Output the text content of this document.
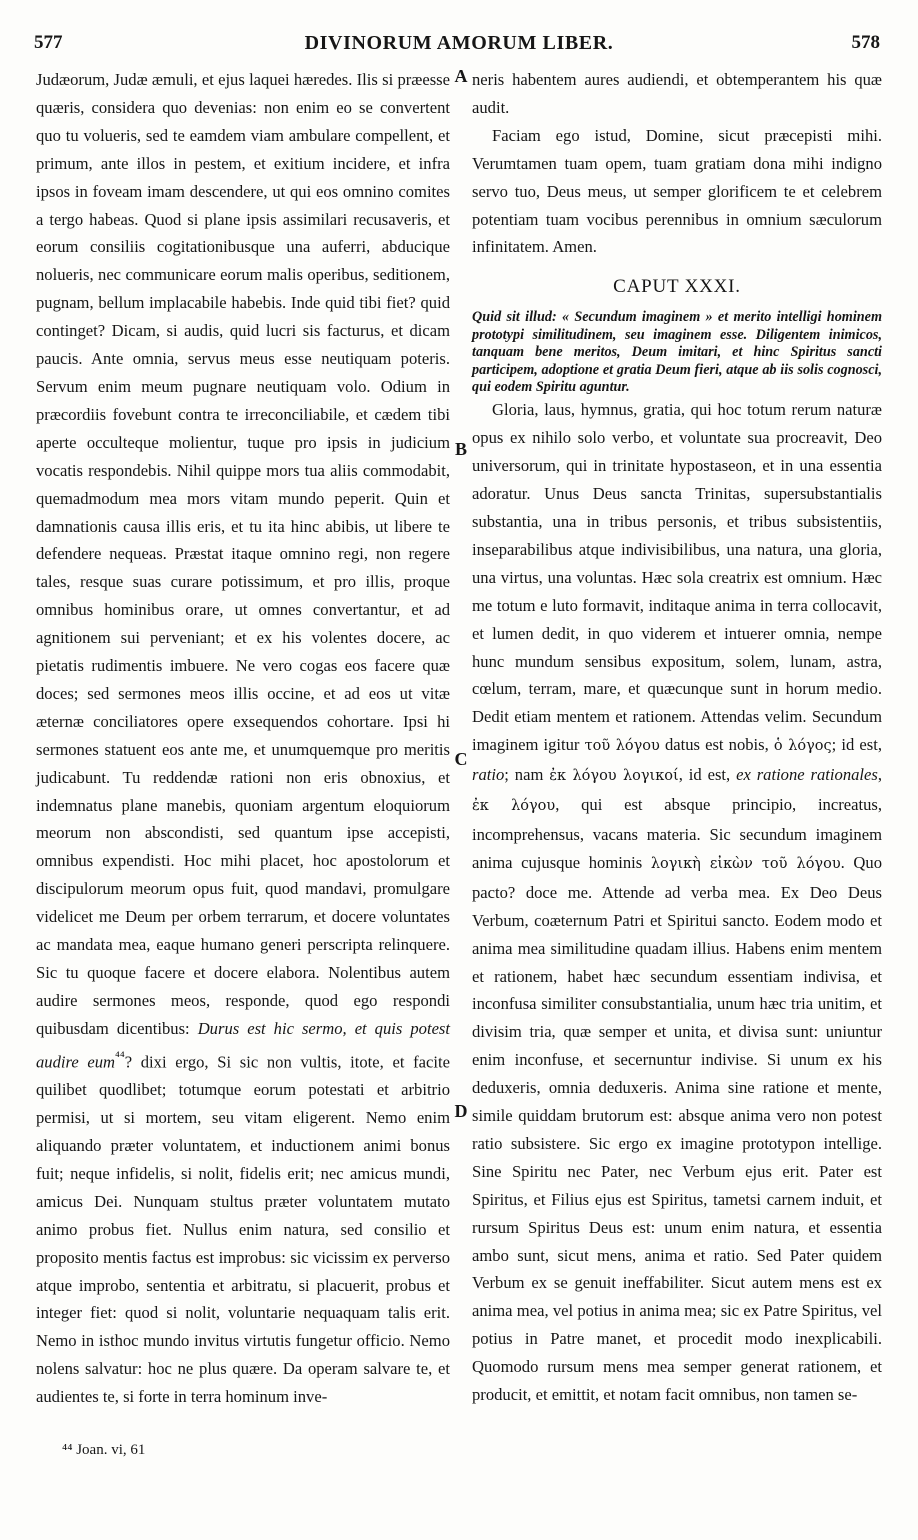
577	DIVINORUM AMORUM LIBER.	578

Judæorum, Judæ æmuli, et ejus laquei hæredes. Ilis si præesse quæris, considera quo devenias: non enim eo se convertent quo tu volueris, sed te eamdem viam ambulare compellent, et primum, ante illos in pestem, et exitium incidere, et infra ipsos in foveam imam descendere, ut qui eos omnino comites a tergo habeas. Quod si plane ipsis assimilari recusaveris, et eorum consiliis cogitationibusque una auferri, abducique nolueris, nec communicare eorum malis operibus, seditionem, pugnam, bellum implacabile habebis. Inde quid tibi fiet? quid continget? Dicam, si audis, quid lucri sis facturus, et dicam paucis. Ante omnia, servus meus esse neutiquam poteris. Servum enim meum pugnare neutiquam volo. Odium in præcordiis fovebunt contra te irreconciliabile, et cædem tibi aperte occulteque molientur, tuque pro ipsis in judicium vocatis respondebis. Nihil quippe mors tua aliis commodabit, quemadmodum mea mors vitam mundo peperit. Quin et damnationis causa illis eris, et tu ita hinc abibis, ut libere te defendere nequeas. Præstat itaque omnino regi, non regere tales, resque suas curare potissimum, et pro illis, proque omnibus hominibus orare, ut omnes convertantur, et ad agnitionem sui perveniant; et ex his volentes docere, ac pietatis rudimentis imbuere. Ne vero cogas eos facere quæ doces; sed sermones meos illis occine, et ad eos ut vitæ æternæ conciliatores opere exsequendos cohortare. Ipsi hi sermones statuent eos ante me, et unumquemque pro meritis judicabunt. Tu reddendæ rationi non eris obnoxius, et indemnatus plane manebis, quoniam argentum eloquiorum meorum non abscondisti, sed quantum ipse accepisti, omnibus expendisti. Hoc mihi placet, hoc apostolorum et discipulorum meorum opus fuit, quod mandavi, promulgare videlicet me Deum per orbem terrarum, et docere voluntates ac mandata mea, eaque humano generi perscripta relinquere. Sic tu quoque facere et docere elabora. Nolentibus autem audire sermones meos, responde, quod ego respondi quibusdam dicentibus: Durus est hic sermo, et quis potest audire eum$^{^{44}}$? dixi ergo, Si sic non vultis, itote, et facite quilibet quodlibet; totumque eorum potestati et arbitrio permisi, ut si mortem, seu vitam eligerent. Nemo enim aliquando præter voluntatem, et inductionem animi bonus fuit; neque infidelis, si nolit, fidelis erit; nec amicus mundi, amicus Dei. Nunquam stultus præter voluntatem mutato animo probus fiet. Nullus enim natura, sed consilio et proposito mentis factus est improbus: sic vicissim ex perverso atque improbo, sententia et arbitratu, si placuerit, probus et integer fiet: quod si nolit, voluntarie nequaquam talis erit. Nemo in isthoc mundo invitus virtutis fungetur officio. Nemo nolens salvatur: hoc ne plus quære. Da operam salvare te, et audientes te, si forte in terra hominum inve-

A
B
C
D

neris habentem aures audiendi, et obtemperantem his quæ audit.

Faciam ego istud, Domine, sicut præcepisti mihi. Verumtamen tuam opem, tuam gratiam dona mihi indigno servo tuo, Deus meus, ut semper glorificem te et celebrem potentiam tuam vocibus perennibus in omnium sæculorum infinitatem. Amen.

CAPUT XXXI.

Quid sit illud: « Secundum imaginem » et merito intelligi hominem prototypi similitudinem, seu imaginem esse. Diligentem inimicos, tanquam bene meritos, Deum imitari, et hinc Spiritus sancti participem, adoptione et gratia Deum fieri, atque ab iis solis cognosci, qui eodem Spiritu aguntur.

Gloria, laus, hymnus, gratia, qui hoc totum rerum naturæ opus ex nihilo solo verbo, et voluntate sua procreavit, Deo universorum, qui in trinitate hypostaseon, et in una essentia adoratur. Unus Deus sancta Trinitas, supersubstantialis substantia, una in tribus personis, et tribus subsistentiis, inseparabilibus atque indivisibilibus, una natura, una gloria, una virtus, una voluntas. Hæc sola creatrix est omnium. Hæc me totum e luto formavit, inditaque anima in terra collocavit, et lumen dedit, in quo viderem et intuerer omnia, nempe hunc mundum sensibus expositum, solem, lunam, astra, cœlum, terram, mare, et quæcunque sunt in horum medio. Dedit etiam mentem et rationem. Attendas velim. Secundum imaginem igitur τοῦ λόγου datus est nobis, ὁ λόγος; id est, ratio; nam ἐκ λόγου λογικοί, id est, ex ratione rationales, ἐκ λόγου, qui est absque principio, increatus, incomprehensus, vacans materia. Sic secundum imaginem anima cujusque hominis λογικὴ εἰκὼν τοῦ λόγου. Quo pacto? doce me. Attende ad verba mea. Ex Deo Deus Verbum, coæternum Patri et Spiritui sancto. Eodem modo et anima mea similitudine quadam illius. Habens enim mentem et rationem, habet hæc secundum essentiam indivisa, et inconfusa similiter consubstantialia, unum hæc tria unitim, et divisim tria, quæ semper et unita, et divisa sunt: uniuntur enim inconfuse, et secernuntur indivise. Si unum ex his deduxeris, omnia deduxeris. Anima sine ratione et mente, simile quiddam brutorum est: absque anima vero non potest ratio subsistere. Sic ergo ex imagine prototypon intellige. Sine Spiritu nec Pater, nec Verbum ejus erit. Pater est Spiritus, et Filius ejus est Spiritus, tametsi carnem induit, et rursum Spiritus Deus est: unum enim natura, et essentia ambo sunt, sicut mens, anima et ratio. Sed Pater quidem Verbum ex se genuit ineffabiliter. Sicut autem mens est ex anima mea, vel potius in anima mea; sic ex Patre Spiritus, vel potius in Patre manet, et procedit modo inexplicabili. Quomodo rursum mens mea semper generat rationem, et producit, et emittit, et notam facit omnibus, non tamen se-

⁴⁴ Joan. vi, 61
